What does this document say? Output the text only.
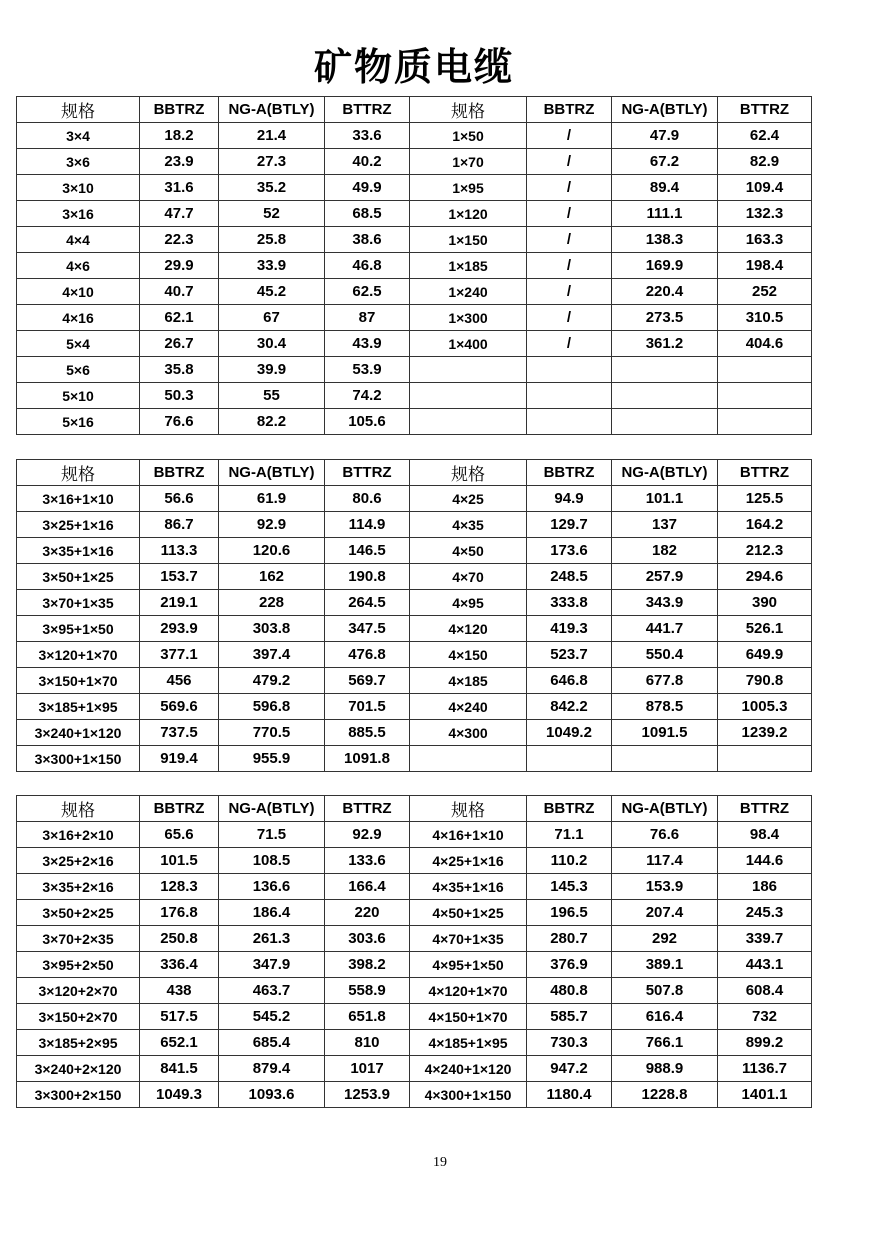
矿物质电缆
规格	BBTRZ	NG-A(BTLY)	BTTRZ	规格	BBTRZ	NG-A(BTLY)	BTTRZ
3×4	18.2	21.4	33.6	1×50	/	47.9	62.4
3×6	23.9	27.3	40.2	1×70	/	67.2	82.9
3×10	31.6	35.2	49.9	1×95	/	89.4	109.4
3×16	47.7	52	68.5	1×120	/	111.1	132.3
4×4	22.3	25.8	38.6	1×150	/	138.3	163.3
4×6	29.9	33.9	46.8	1×185	/	169.9	198.4
4×10	40.7	45.2	62.5	1×240	/	220.4	252
4×16	62.1	67	87	1×300	/	273.5	310.5
5×4	26.7	30.4	43.9	1×400	/	361.2	404.6
5×6	35.8	39.9	53.9				
5×10	50.3	55	74.2				
5×16	76.6	82.2	105.6				
规格	BBTRZ	NG-A(BTLY)	BTTRZ	规格	BBTRZ	NG-A(BTLY)	BTTRZ
3×16+1×10	56.6	61.9	80.6	4×25	94.9	101.1	125.5
3×25+1×16	86.7	92.9	114.9	4×35	129.7	137	164.2
3×35+1×16	113.3	120.6	146.5	4×50	173.6	182	212.3
3×50+1×25	153.7	162	190.8	4×70	248.5	257.9	294.6
3×70+1×35	219.1	228	264.5	4×95	333.8	343.9	390
3×95+1×50	293.9	303.8	347.5	4×120	419.3	441.7	526.1
3×120+1×70	377.1	397.4	476.8	4×150	523.7	550.4	649.9
3×150+1×70	456	479.2	569.7	4×185	646.8	677.8	790.8
3×185+1×95	569.6	596.8	701.5	4×240	842.2	878.5	1005.3
3×240+1×120	737.5	770.5	885.5	4×300	1049.2	1091.5	1239.2
3×300+1×150	919.4	955.9	1091.8				
规格	BBTRZ	NG-A(BTLY)	BTTRZ	规格	BBTRZ	NG-A(BTLY)	BTTRZ
3×16+2×10	65.6	71.5	92.9	4×16+1×10	71.1	76.6	98.4
3×25+2×16	101.5	108.5	133.6	4×25+1×16	110.2	117.4	144.6
3×35+2×16	128.3	136.6	166.4	4×35+1×16	145.3	153.9	186
3×50+2×25	176.8	186.4	220	4×50+1×25	196.5	207.4	245.3
3×70+2×35	250.8	261.3	303.6	4×70+1×35	280.7	292	339.7
3×95+2×50	336.4	347.9	398.2	4×95+1×50	376.9	389.1	443.1
3×120+2×70	438	463.7	558.9	4×120+1×70	480.8	507.8	608.4
3×150+2×70	517.5	545.2	651.8	4×150+1×70	585.7	616.4	732
3×185+2×95	652.1	685.4	810	4×185+1×95	730.3	766.1	899.2
3×240+2×120	841.5	879.4	1017	4×240+1×120	947.2	988.9	1136.7
3×300+2×150	1049.3	1093.6	1253.9	4×300+1×150	1180.4	1228.8	1401.1
19
